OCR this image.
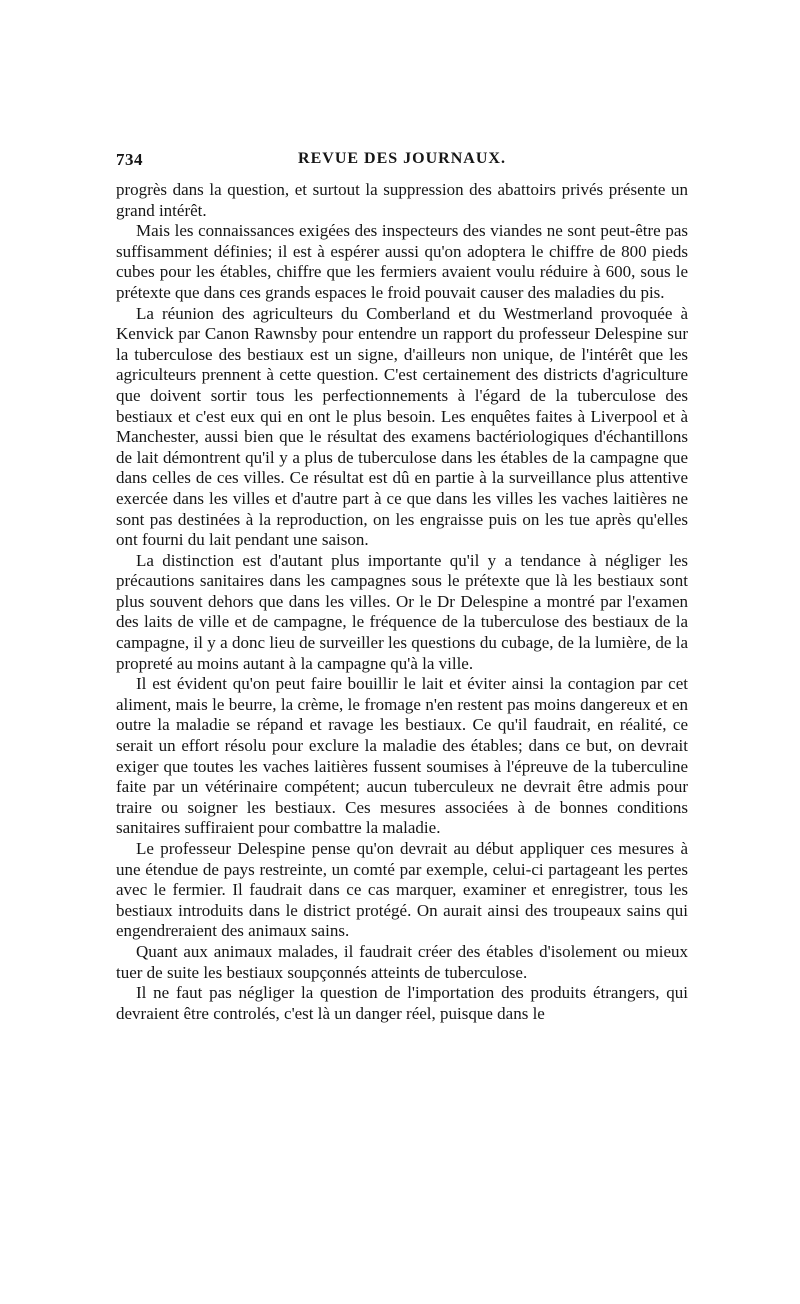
734	REVUE DES JOURNAUX.

progrès dans la question, et surtout la suppression des abattoirs privés présente un grand intérêt.

Mais les connaissances exigées des inspecteurs des viandes ne sont peut-être pas suffisamment définies; il est à espérer aussi qu'on adoptera le chiffre de 800 pieds cubes pour les étables, chiffre que les fermiers avaient voulu réduire à 600, sous le prétexte que dans ces grands espaces le froid pouvait causer des maladies du pis.

La réunion des agriculteurs du Comberland et du Westmerland provoquée à Kenvick par Canon Rawnsby pour entendre un rapport du professeur Delespine sur la tuberculose des bestiaux est un signe, d'ailleurs non unique, de l'intérêt que les agriculteurs prennent à cette question. C'est certainement des districts d'agriculture que doivent sortir tous les perfectionnements à l'égard de la tuberculose des bestiaux et c'est eux qui en ont le plus besoin. Les enquêtes faites à Liverpool et à Manchester, aussi bien que le résultat des examens bactériologiques d'échantillons de lait démontrent qu'il y a plus de tuberculose dans les étables de la campagne que dans celles de ces villes. Ce résultat est dû en partie à la surveillance plus attentive exercée dans les villes et d'autre part à ce que dans les villes les vaches laitières ne sont pas destinées à la reproduction, on les engraisse puis on les tue après qu'elles ont fourni du lait pendant une saison.

La distinction est d'autant plus importante qu'il y a tendance à négliger les précautions sanitaires dans les campagnes sous le prétexte que là les bestiaux sont plus souvent dehors que dans les villes. Or le Dr Delespine a montré par l'examen des laits de ville et de campagne, le fréquence de la tuberculose des bestiaux de la campagne, il y a donc lieu de surveiller les questions du cubage, de la lumière, de la propreté au moins autant à la campagne qu'à la ville.

Il est évident qu'on peut faire bouillir le lait et éviter ainsi la contagion par cet aliment, mais le beurre, la crème, le fromage n'en restent pas moins dangereux et en outre la maladie se répand et ravage les bestiaux. Ce qu'il faudrait, en réalité, ce serait un effort résolu pour exclure la maladie des étables; dans ce but, on devrait exiger que toutes les vaches laitières fussent soumises à l'épreuve de la tuberculine faite par un vétérinaire compétent; aucun tuberculeux ne devrait être admis pour traire ou soigner les bestiaux. Ces mesures associées à de bonnes conditions sanitaires suffiraient pour combattre la maladie.

Le professeur Delespine pense qu'on devrait au début appliquer ces mesures à une étendue de pays restreinte, un comté par exemple, celui-ci partageant les pertes avec le fermier. Il faudrait dans ce cas marquer, examiner et enregistrer, tous les bestiaux introduits dans le district protégé. On aurait ainsi des troupeaux sains qui engendreraient des animaux sains.

Quant aux animaux malades, il faudrait créer des étables d'isolement ou mieux tuer de suite les bestiaux soupçonnés atteints de tuberculose.

Il ne faut pas négliger la question de l'importation des produits étrangers, qui devraient être controlés, c'est là un danger réel, puisque dans le
